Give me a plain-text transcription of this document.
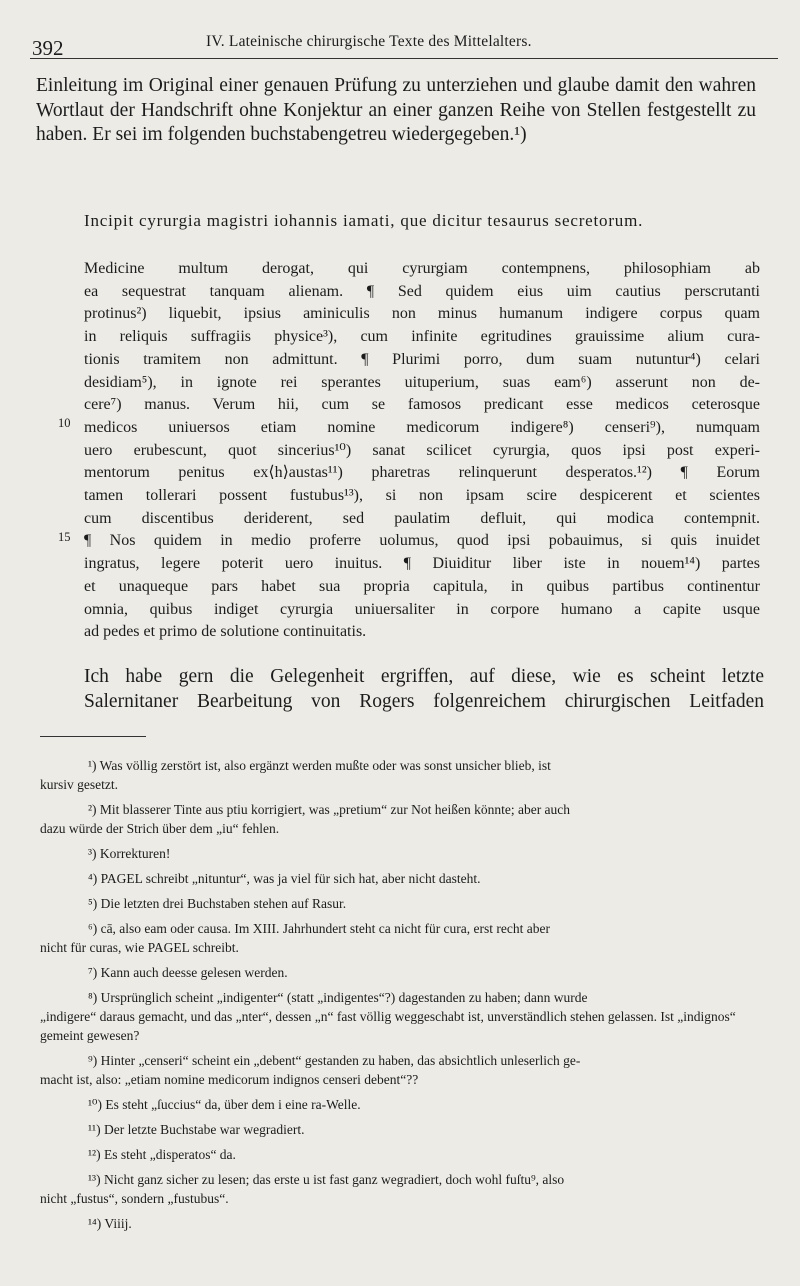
392	IV. Lateinische chirurgische Texte des Mittelalters.
Einleitung im Original einer genauen Prüfung zu unterziehen und glaube damit den wahren Wortlaut der Handschrift ohne Konjektur an einer ganzen Reihe von Stellen festgestellt zu haben. Er sei im folgenden buchstabengetreu wiedergegeben.¹)
Incipit cyrurgia magistri iohannis iamati, que dicitur tesaurus secretorum.
Medicine multum derogat, qui cyrurgiam contempnens, philosophiam ab
ea sequestrat tanquam alienam. ¶ Sed quidem eius uim cautius perscrutanti
protinus²) liquebit, ipsius aminiculis non minus humanum indigere corpus quam
in reliquis suffragiis physice³), cum infinite egritudines grauissime alium cura-
tionis tramitem non admittunt. ¶ Plurimi porro, dum suam nutuntur⁴) celari
desidiam⁵), in ignote rei sperantes uituperium, suas eam⁶) asserunt non de-
cere⁷) manus. Verum hii, cum se famosos predicant esse medicos ceterosque
medicos uniuersos etiam nomine medicorum indigere⁸) censeri⁹), numquam
uero erubescunt, quot sincerius¹⁰) sanat scilicet cyrurgia, quos ipsi post experi-
mentorum penitus ex⟨h⟩austas¹¹) pharetras relinquerunt desperatos.¹²) ¶ Eorum
tamen tollerari possent fustubus¹³), si non ipsam scire despicerent et scientes
cum discentibus deriderent, sed paulatim defluit, qui modica contempnit.
¶ Nos quidem in medio proferre uolumus, quod ipsi pobauimus, si quis inuidet
ingratus, legere poterit uero inuitus. ¶ Diuiditur liber iste in nouem¹⁴) partes
et unaqueque pars habet sua propria capitula, in quibus partibus continentur
omnia, quibus indiget cyrurgia uniuersaliter in corpore humano a capite usque
ad pedes et primo de solutione continuitatis.
10
15
Ich habe gern die Gelegenheit ergriffen, auf diese, wie es scheint letzte
Salernitaner Bearbeitung von Rogers folgenreichem chirurgischen Leitfaden
¹) Was völlig zerstört ist, also ergänzt werden mußte oder was sonst unsicher blieb, ist
kursiv gesetzt.
²) Mit blasserer Tinte aus ptiu korrigiert, was „pretium“ zur Not heißen könnte; aber auch
dazu würde der Strich über dem „iu“ fehlen.
³) Korrekturen!
⁴) PAGEL schreibt „nituntur“, was ja viel für sich hat, aber nicht dasteht.
⁵) Die letzten drei Buchstaben stehen auf Rasur.
⁶) cā, also eam oder causa. Im XIII. Jahrhundert steht ca nicht für cura, erst recht aber
nicht für curas, wie PAGEL schreibt.
⁷) Kann auch deesse gelesen werden.
⁸) Ursprünglich scheint „indigenter“ (statt „indigentes“?) dagestanden zu haben; dann wurde
„indigere“ daraus gemacht, und das „nter“, dessen „n“ fast völlig weggeschabt ist, unverständlich stehen gelassen. Ist „indignos“ gemeint gewesen?
⁹) Hinter „censeri“ scheint ein „debent“ gestanden zu haben, das absichtlich unleserlich ge-
macht ist, also: „etiam nomine medicorum indignos censeri debent“??
¹⁰) Es steht „ſuccius“ da, über dem i eine ra-Welle.
¹¹) Der letzte Buchstabe war wegradiert.
¹²) Es steht „disperatos“ da.
¹³) Nicht ganz sicher zu lesen; das erste u ist fast ganz wegradiert, doch wohl fuſtu⁹, also
nicht „fustus“, sondern „fustubus“.
¹⁴) Viiij.
